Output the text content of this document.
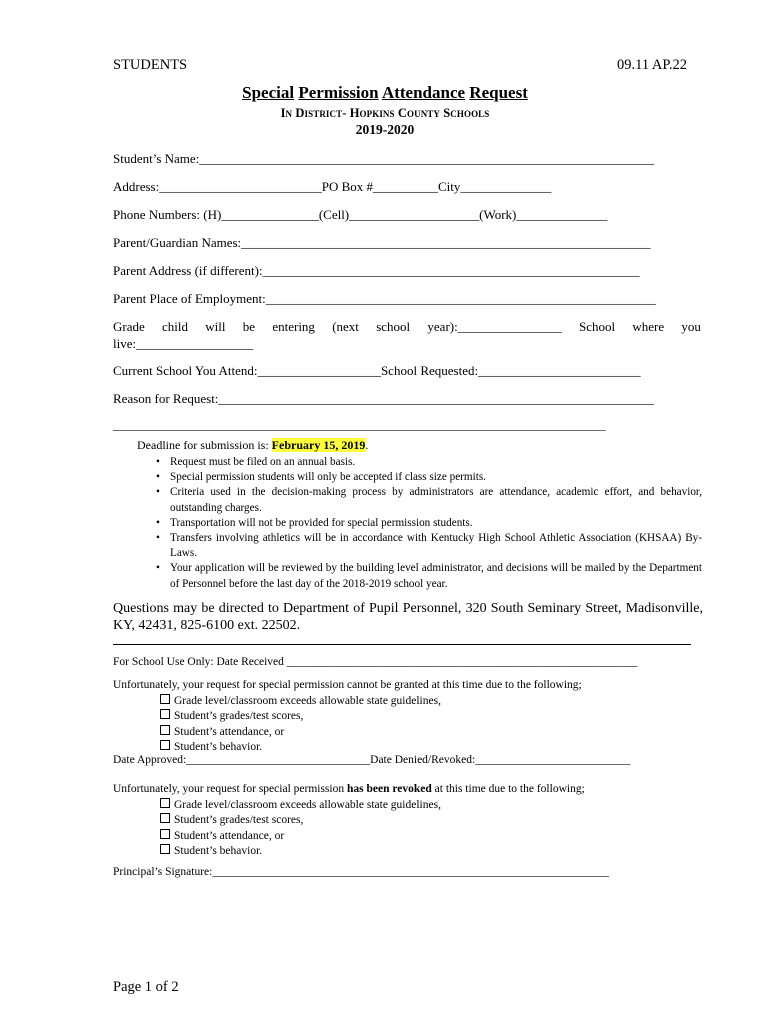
STUDENTS	09.11 AP.22
Special Permission Attendance Request
In District- Hopkins County Schools
2019-2020
Student’s Name:______________________________________________________________________
Address:_________________________PO Box #__________City______________
Phone Numbers: (H)_______________(Cell)____________________(Work)______________
Parent/Guardian Names:_______________________________________________________________
Parent Address (if different):__________________________________________________________
Parent Place of Employment:____________________________________________________________
Grade child will be entering (next school year):________________ School where you
live:__________________
Current School You Attend:___________________School Requested:_________________________
Reason for Request:___________________________________________________________________
_____________________________________________________________________________________
Deadline for submission is: February 15, 2019.
• Request must be filed on an annual basis.
• Special permission students will only be accepted if class size permits.
• Criteria used in the decision-making process by administrators are attendance, academic effort, and behavior, outstanding charges.
• Transportation will not be provided for special permission students.
• Transfers involving athletics will be in accordance with Kentucky High School Athletic Association (KHSAA) By-Laws.
• Your application will be reviewed by the building level administrator, and decisions will be mailed by the Department of Personnel before the last day of the 2018-2019 school year.
Questions may be directed to Department of Pupil Personnel, 320 South Seminary Street, Madisonville, KY, 42431, 825-6100 ext. 22502.
For School Use Only: Date Received _____________________________________________________________
Unfortunately, your request for special permission cannot be granted at this time due to the following;
Grade level/classroom exceeds allowable state guidelines,
Student’s grades/test scores,
Student’s attendance, or
Student’s behavior.
Date Approved:________________________________Date Denied/Revoked:___________________________
Unfortunately, your request for special permission has been revoked at this time due to the following;
Grade level/classroom exceeds allowable state guidelines,
Student’s grades/test scores,
Student’s attendance, or
Student’s behavior.
Principal’s Signature:_____________________________________________________________________
Page 1 of 2
